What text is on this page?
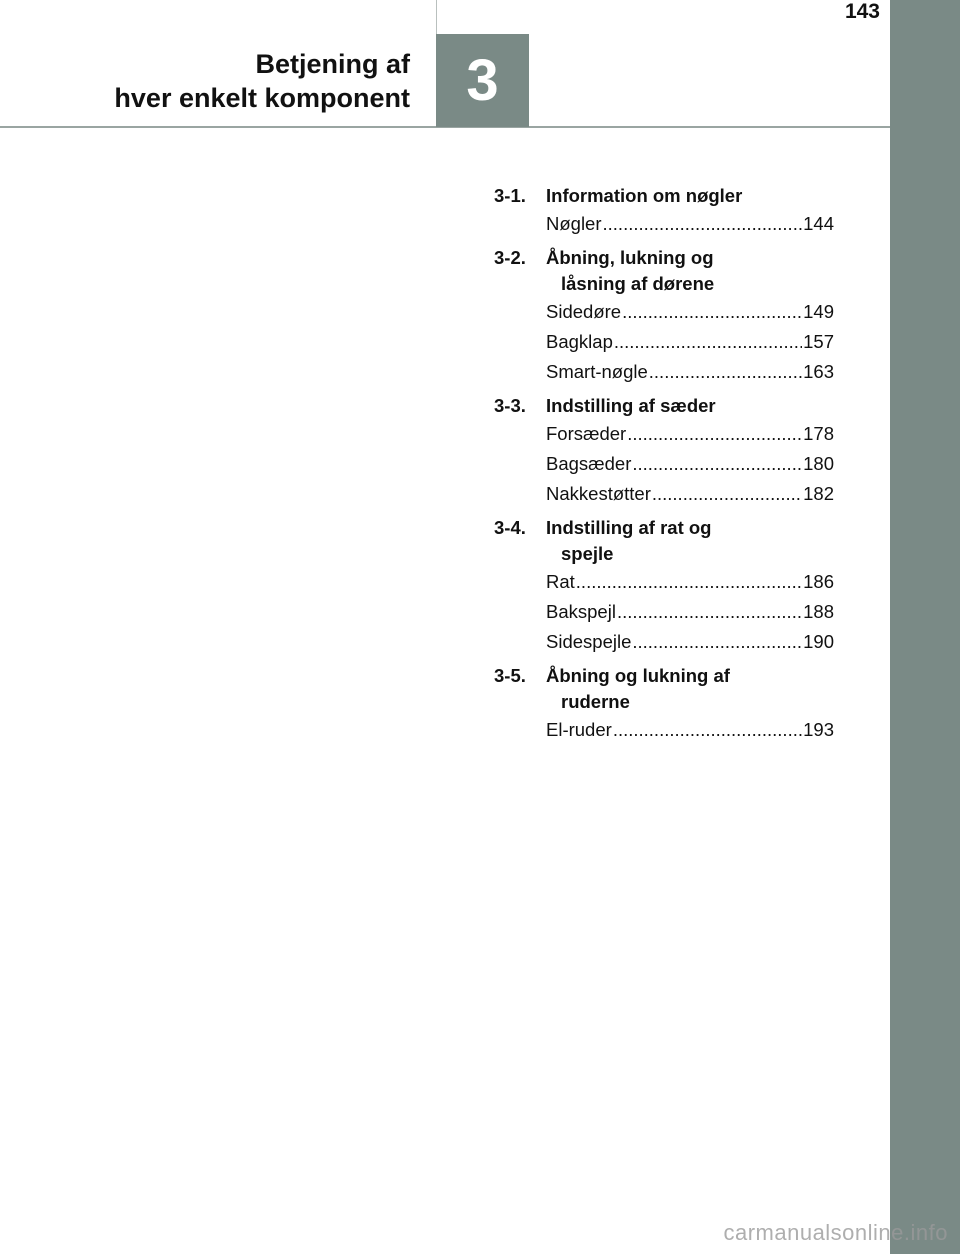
143
Betjening af
hver enkelt komponent 3
3-1. Information om nøgler
Nøgler .....	144
3-2. Åbning, lukning og
låsning af dørene
Sidedøre .....	149
Bagklap .....	157
Smart-nøgle .....	163
3-3. Indstilling af sæder
Forsæder .....	178
Bagsæder .....	180
Nakkestøtter .....	182
3-4. Indstilling af rat og
spejle
Rat .....	186
Bakspejl .....	188
Sidespejle .....	190
3-5. Åbning og lukning af
ruderne
El-ruder .....	193
carmanualsonline.info
